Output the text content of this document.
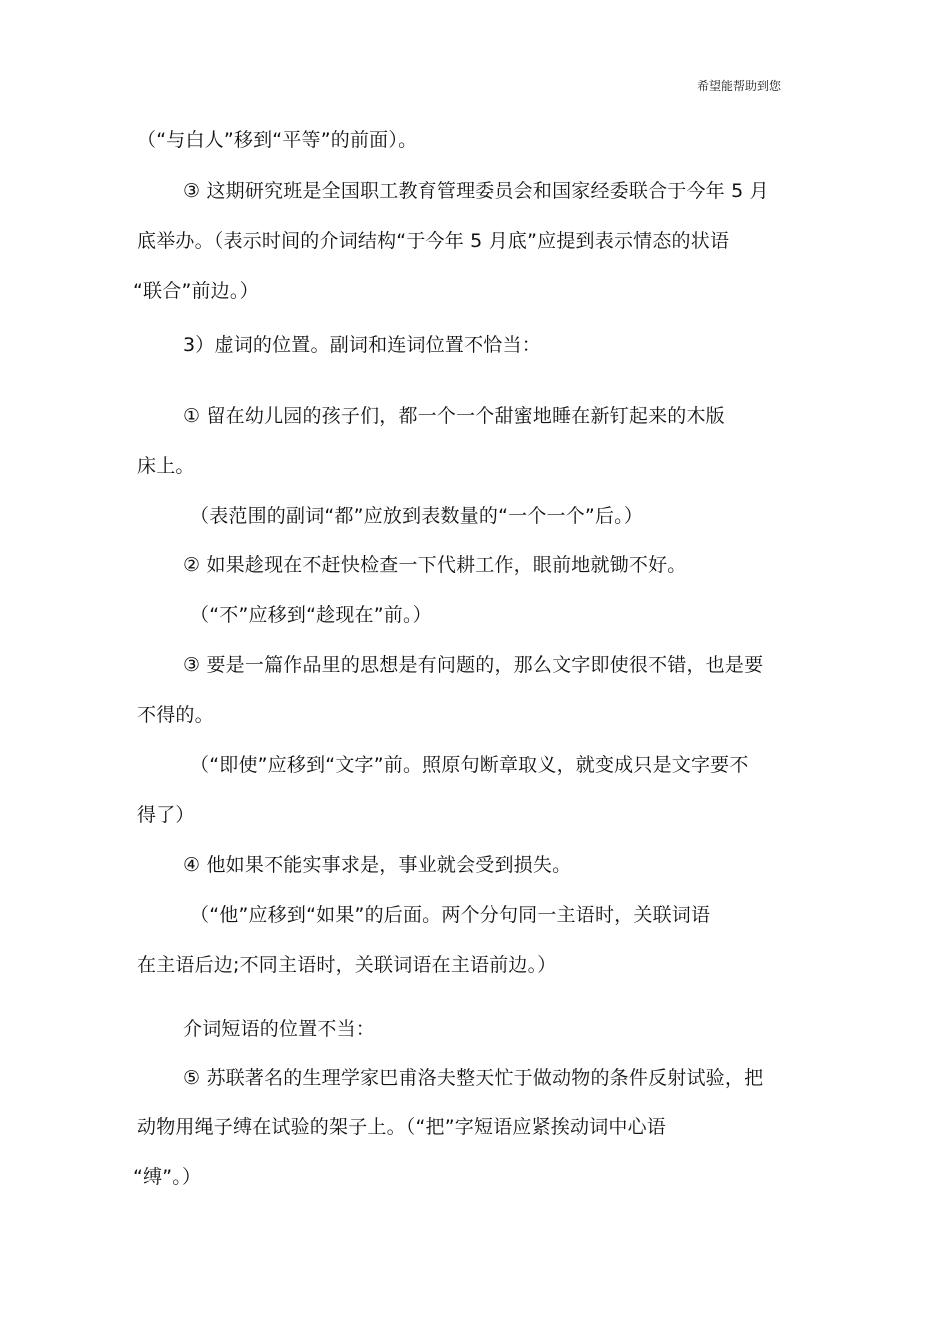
希望能帮助到您
（“与白人”移到“平等”的前面）。
③ 这期研究班是全国职工教育管理委员会和国家经委联合于今年 5 月
底举办。（表示时间的介词结构“于今年 5 月底”应提到表示情态的状语
“联合”前边。）
3）虚词的位置。副词和连词位置不恰当：
① 留在幼儿园的孩子们，都一个一个甜蜜地睡在新钉起来的木版
床上。
（表范围的副词“都”应放到表数量的“一个一个”后。）
② 如果趁现在不赶快检查一下代耕工作，眼前地就锄不好。
（“不”应移到“趁现在”前。）
③ 要是一篇作品里的思想是有问题的，那么文字即使很不错，也是要
不得的。
（“即使”应移到“文字”前。照原句断章取义，就变成只是文字要不
得了）
④ 他如果不能实事求是，事业就会受到损失。
（“他”应移到“如果”的后面。两个分句同一主语时，关联词语
在主语后边;不同主语时，关联词语在主语前边。）
介词短语的位置不当：
⑤ 苏联著名的生理学家巴甫洛夫整天忙于做动物的条件反射试验，把
动物用绳子缚在试验的架子上。（“把”字短语应紧挨动词中心语
“缚”。）
